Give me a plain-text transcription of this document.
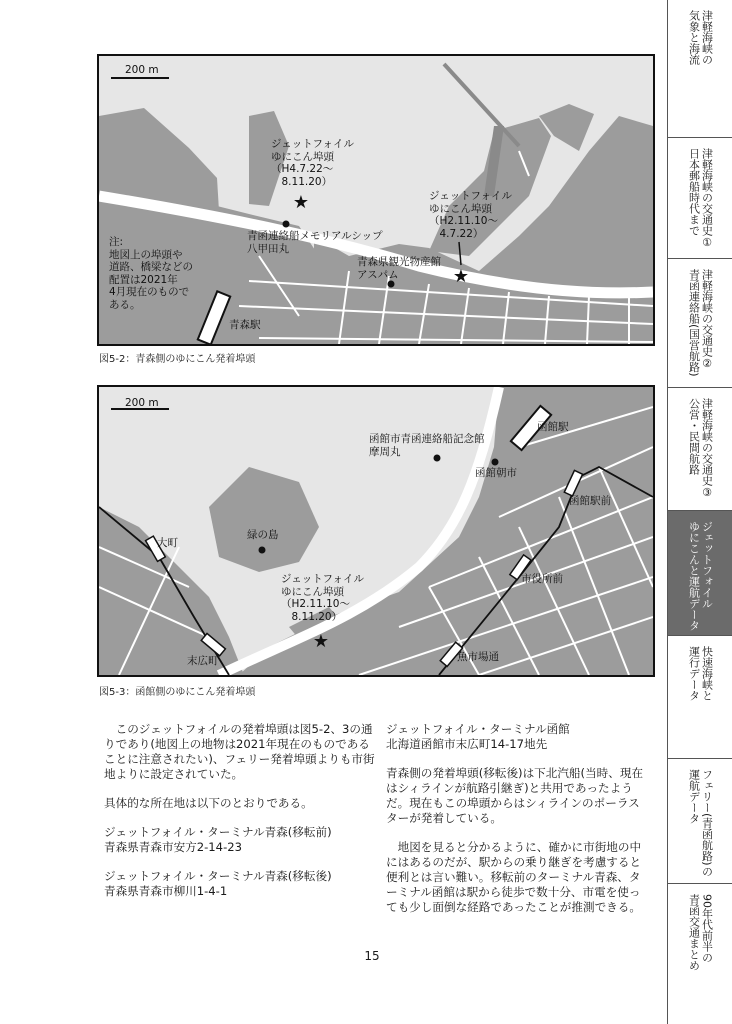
★
★
200 m
注:
地図上の埠頭や
道路、橋梁などの
配置は2021年
4月現在のもので
ある。
ジェットフォイル
ゆにこん埠頭
（H4.7.22～
　8.11.20）
青函連絡船メモリアルシップ
八甲田丸
ジェットフォイル
ゆにこん埠頭
（H2.11.10～
　4.7.22）
青森県観光物産館
アスパム
青森駅
図5-2：青森側のゆにこん発着埠頭
★
200 m
函館市青函連絡船記念館
摩周丸
函館駅
函館朝市
函館駅前
緑の島
大町
ジェットフォイル
ゆにこん埠頭
（H2.11.10～
　8.11.20）
市役所前
末広町	魚市場通
図5-3：函館側のゆにこん発着埠頭

　このジェットフォイルの発着埠頭は図5-2、3の通りであり(地図上の地物は2021年現在のものであることに注意されたい)、フェリー発着埠頭よりも市街地よりに設定されていた。

具体的な所在地は以下のとおりである。

ジェットフォイル・ターミナル青森(移転前)
青森県青森市安方2-14-23

ジェットフォイル・ターミナル青森(移転後)
青森県青森市柳川1-4-1

ジェットフォイル・ターミナル函館
北海道函館市末広町14-17地先

青森側の発着埠頭(移転後)は下北汽船(当時、現在はシィラインが航路引継ぎ)と共用であったようだ。現在もこの埠頭からはシィラインのポーラスターが発着している。

　地図を見ると分かるように、確かに市街地の中にはあるのだが、駅からの乗り継ぎを考慮すると便利とは言い難い。移転前のターミナル青森、ターミナル函館は駅から徒歩で数十分、市電を使っても少し面倒な経路であったことが推測できる。

15
津軽海峡の
気象と海流
津軽海峡の交通史①
日本郵船時代まで
津軽海峡の交通史②
青函連絡船(国営航路)
津軽海峡の交通史③
公営・民間航路
ジェットフォイル
ゆにこんと運航データ
快速海峡と
運行データ
フェリー(青函航路)の
運航データ
90年代前半の
青函交通まとめ
